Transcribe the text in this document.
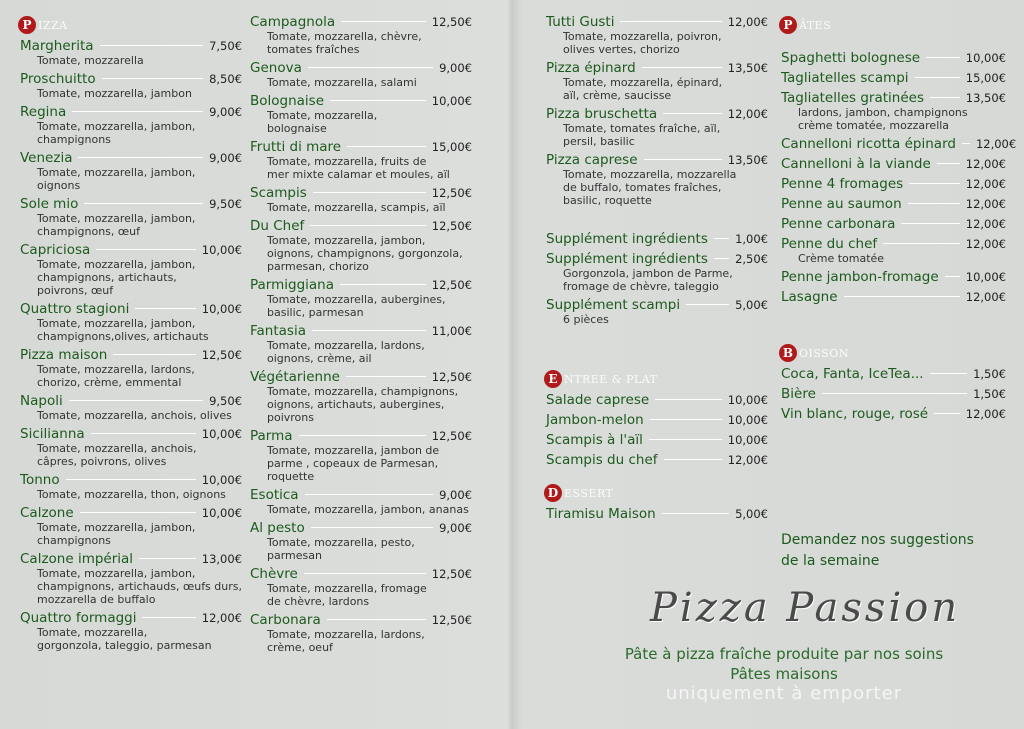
P IZZA
Margherita	7,50€
Tomate, mozzarella
Proschuitto	8,50€
Tomate, mozzarella, jambon
Regina	9,00€
Tomate, mozzarella, jambon,
champignons
Venezia	9,00€
Tomate, mozzarella, jambon,
oignons
Sole mio	9,50€
Tomate, mozzarella, jambon,
champignons, œuf
Capriciosa	10,00€
Tomate, mozzarella, jambon,
champignons, artichauts,
poivrons, œuf
Quattro stagioni	10,00€
Tomate, mozzarella, jambon,
champignons,olives, artichauts
Pizza maison	12,50€
Tomate, mozzarella, lardons,
chorizo, crème, emmental
Napoli	9,50€
Tomate, mozzarella, anchois, olives
Sicilianna	10,00€
Tomate, mozzarella, anchois,
câpres, poivrons, olives
Tonno	10,00€
Tomate, mozzarella, thon, oignons
Calzone	10,00€
Tomate, mozzarella, jambon,
champignons
Calzone impérial	13,00€
Tomate, mozzarella, jambon,
champignons, artichauds, œufs durs,
mozzarella de buffalo
Quattro formaggi	12,00€
Tomate, mozzarella,
gorgonzola, taleggio, parmesan
Campagnola	12,50€
Tomate, mozzarella, chèvre,
tomates fraîches
Genova	9,00€
Tomate, mozzarella, salami
Bolognaise	10,00€
Tomate, mozzarella,
bolognaise
Frutti di mare	15,00€
Tomate, mozzarella, fruits de
mer mixte calamar et moules, aïl
Scampis	12,50€
Tomate, mozzarella, scampis, aïl
Du Chef	12,50€
Tomate, mozzarella, jambon,
oignons, champignons, gorgonzola,
parmesan, chorizo
Parmiggiana	12,50€
Tomate, mozzarella, aubergines,
basilic, parmesan
Fantasia	11,00€
Tomate, mozzarella, lardons,
oignons, crème, ail
Végétarienne	12,50€
Tomate, mozzarella, champignons,
oignons, artichauts, aubergines,
poivrons
Parma	12,50€
Tomate, mozzarella, jambon de
parme , copeaux de Parmesan,
roquette
Esotica	9,00€
Tomate, mozzarella, jambon, ananas
Al pesto	9,00€
Tomate, mozzarella, pesto,
parmesan
Chèvre	12,50€
Tomate, mozzarella, fromage
de chèvre, lardons
Carbonara	12,50€
Tomate, mozzarella, lardons,
crème, oeuf
Tutti Gusti	12,00€
Tomate, mozzarella, poivron,
olives vertes, chorizo
Pizza épinard	13,50€
Tomate, mozzarella, épinard,
aïl, crème, saucisse
Pizza bruschetta	12,00€
Tomate, tomates fraîche, aïl,
persil, basilic
Pizza caprese	13,50€
Tomate, mozzarella, mozzarella
de buffalo, tomates fraîches,
basilic, roquette
Supplément ingrédients 1,00€
Supplément ingrédients 2,50€
Gorgonzola, jambon de Parme,
fromage de chèvre, taleggio
Supplément scampi	5,00€
6 pièces
E NTREE & PLAT
Salade caprese	10,00€
Jambon-melon	10,00€
Scampis à l'aïl	10,00€
Scampis du chef	12,00€
D ESSERT
Tiramisu Maison	5,00€
P ÂTES
Spaghetti bolognese	10,00€
Tagliatelles scampi	15,00€
Tagliatelles gratinées	13,50€
lardons, jambon, champignons
crème tomatée, mozzarella
Cannelloni ricotta épinard 12,00€
Cannelloni à la viande	12,00€
Penne 4 fromages	12,00€
Penne au saumon	12,00€
Penne carbonara	12,00€
Penne du chef	12,00€
Crème tomatée
Penne jambon-fromage 10,00€
Lasagne	12,00€
B OISSON
Coca, Fanta, IceTea...	1,50€
Bière	1,50€
Vin blanc, rouge, rosé	12,00€
Demandez nos suggestions
de la semaine
Pizza Passion
Pâte à pizza fraîche produite par nos soins
Pâtes maisons
uniquement à emporter
